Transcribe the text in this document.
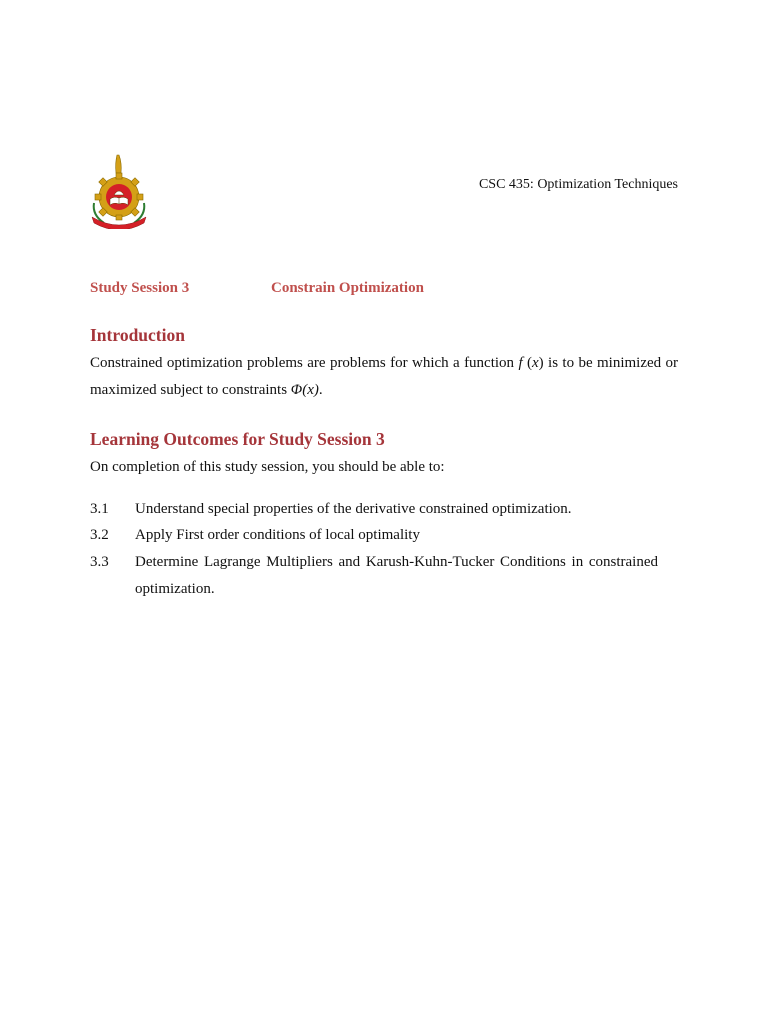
CSC 435: Optimization Techniques
Study Session 3	Constrain Optimization
Introduction
Constrained optimization problems are problems for which a function f (x) is to be minimized or maximized subject to constraints Φ(x).
Learning Outcomes for Study Session 3
On completion of this study session, you should be able to:
3.1 Understand special properties of the derivative constrained optimization.
3.2 Apply First order conditions of local optimality
3.3 Determine Lagrange Multipliers and Karush-Kuhn-Tucker Conditions in constrained optimization.
